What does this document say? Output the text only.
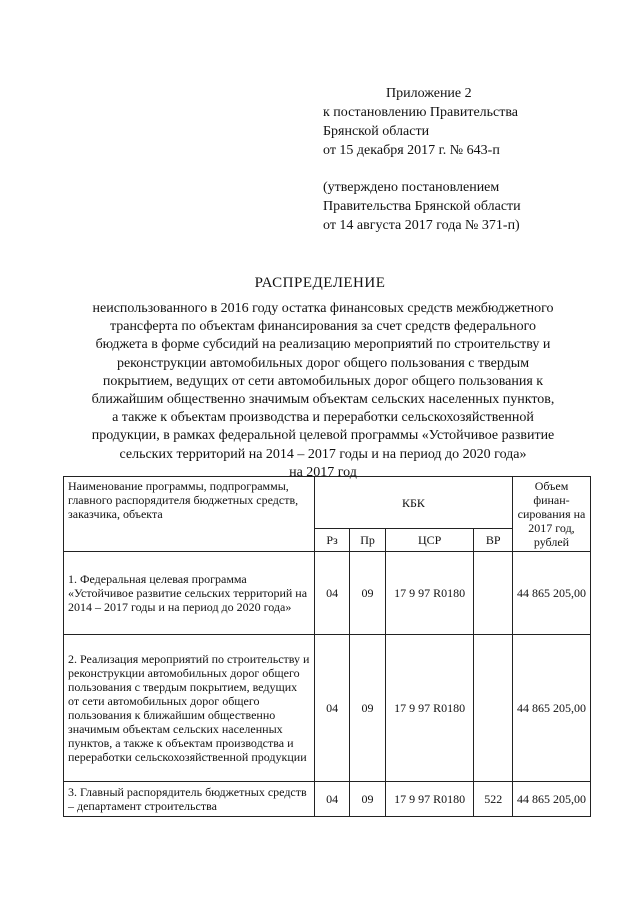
Приложение 2
к постановлению Правительства
Брянской области
от 15 декабря 2017 г. № 643-п
(утверждено постановлением
Правительства Брянской области
от 14 августа 2017 года № 371-п)
РАСПРЕДЕЛЕНИЕ
неиспользованного в 2016 году остатка финансовых средств межбюджетного
трансферта по объектам финансирования за счет средств федерального
бюджета в форме субсидий на реализацию мероприятий по строительству и
реконструкции автомобильных дорог общего пользования с твердым
покрытием, ведущих от сети автомобильных дорог общего пользования к
ближайшим общественно значимым объектам сельских населенных пунктов,
а также к объектам производства и переработки сельскохозяйственной
продукции, в рамках федеральной целевой программы «Устойчивое развитие
сельских территорий на 2014 – 2017 годы и на период до 2020 года»
на 2017 год
Наименование программы, подпрограммы, главного распорядителя бюджетных средств, заказчика, объекта	КБК				Объем финан-сирования на 2017 год, рублей
	Рз	Пр	ЦСР	ВР	
1. Федеральная целевая программа «Устойчивое развитие сельских территорий на 2014 – 2017 годы и на период до 2020 года»	04	09	17 9 97 R0180		44 865 205,00
2. Реализация мероприятий по строительству и реконструкции автомобильных дорог общего пользования с твердым покрытием, ведущих от сети автомобильных дорог общего пользования к ближайшим общественно значимым объектам сельских населенных пунктов, а также к объектам производства и переработки сельскохозяйственной продукции	04	09	17 9 97 R0180		44 865 205,00
3. Главный распорядитель бюджетных средств – департамент строительства	04	09	17 9 97 R0180	522	44 865 205,00
